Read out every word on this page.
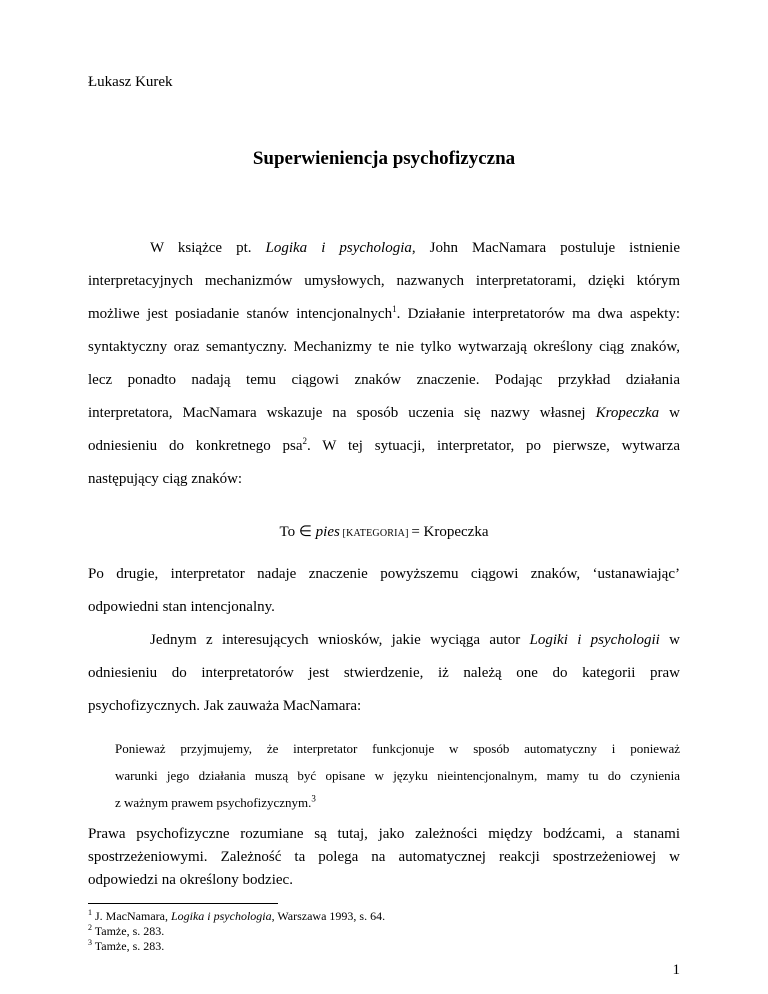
Łukasz Kurek
Superwieniencja psychofizyczna
W książce pt. Logika i psychologia, John MacNamara postuluje istnienie
interpretacyjnych mechanizmów umysłowych, nazwanych interpretatorami, dzięki którym
możliwe jest posiadanie stanów intencjonalnych$^1$. Działanie interpretatorów ma dwa aspekty:
syntaktyczny oraz semantyczny. Mechanizmy te nie tylko wytwarzają określony ciąg znaków,
lecz ponadto nadają temu ciągowi znaków znaczenie. Podając przykład działania
interpretatora, MacNamara wskazuje na sposób uczenia się nazwy własnej Kropeczka w
odniesieniu do konkretnego psa$^2$. W tej sytuacji, interpretator, po pierwsze, wytwarza
następujący ciąg znaków:
To ∈ pies [KATEGORIA] = Kropeczka
Po drugie, interpretator nadaje znaczenie powyższemu ciągowi znaków, ‘ustanawiając’
odpowiedni stan intencjonalny.
Jednym z interesujących wniosków, jakie wyciąga autor Logiki i psychologii w
odniesieniu do interpretatorów jest stwierdzenie, iż należą one do kategorii praw
psychofizycznych. Jak zauważa MacNamara:
Ponieważ przyjmujemy, że interpretator funkcjonuje w sposób automatyczny i ponieważ
warunki jego działania muszą być opisane w języku nieintencjonalnym, mamy tu do czynienia
z ważnym prawem psychofizycznym.$^3$
Prawa psychofizyczne rozumiane są tutaj, jako zależności między bodźcami, a stanami
spostrzeżeniowymi. Zależność ta polega na automatycznej reakcji spostrzeżeniowej w
odpowiedzi na określony bodziec.
$^1$ J. MacNamara, Logika i psychologia, Warszawa 1993, s. 64.
$^2$ Tamże, s. 283.
$^3$ Tamże, s. 283.
1
